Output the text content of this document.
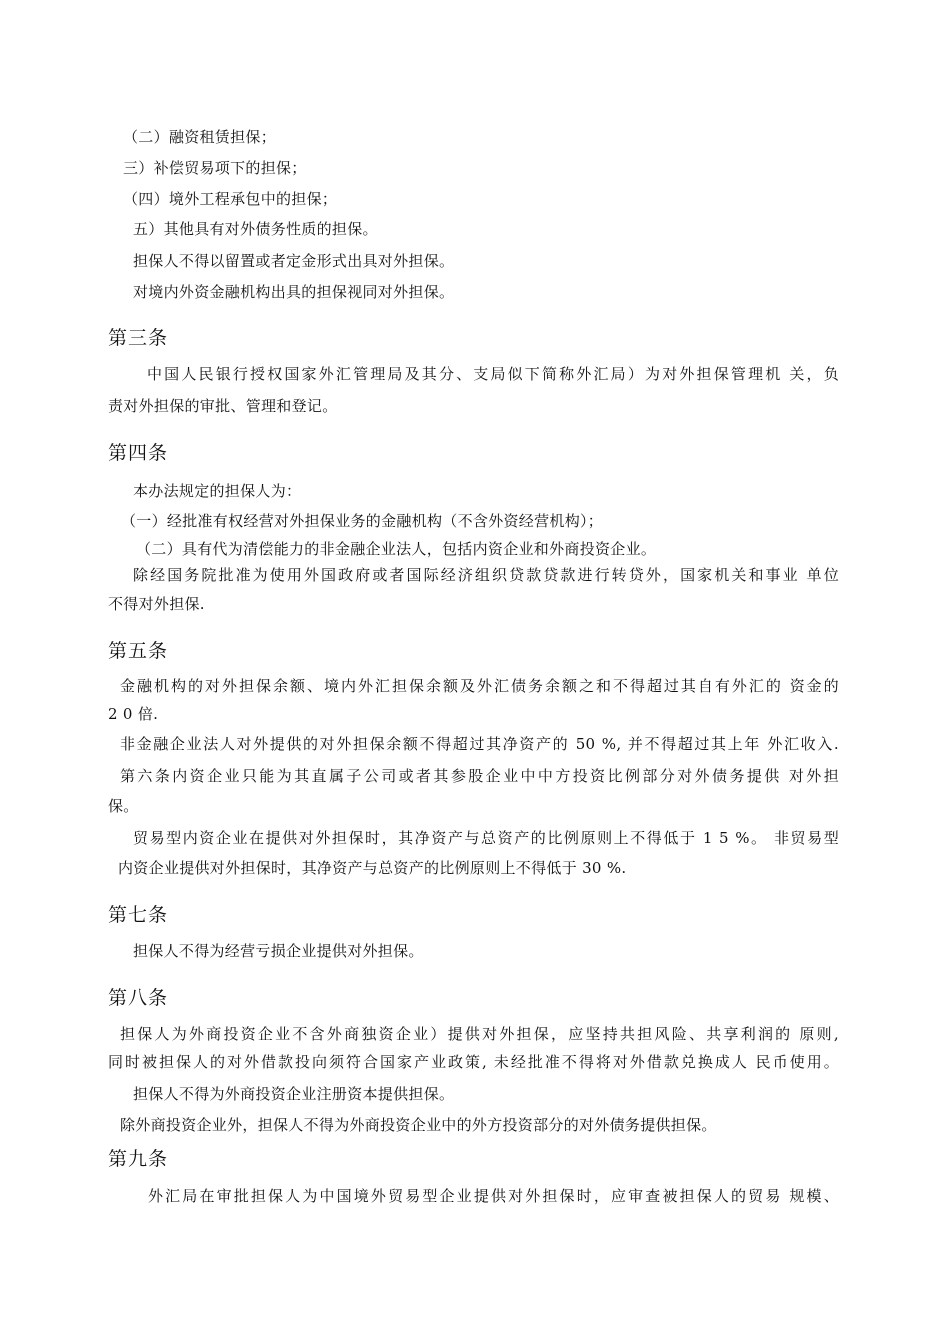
（二）融资租赁担保；
三）补偿贸易项下的担保；
（四）境外工程承包中的担保；
五）其他具有对外债务性质的担保。
担保人不得以留置或者定金形式出具对外担保。
对境内外资金融机构出具的担保视同对外担保。
第三条
中国人民银行授权国家外汇管理局及其分、支局似下简称外汇局）为对外担保管理机 关，负
责对外担保的审批、管理和登记。
第四条
本办法规定的担保人为：
（一）经批准有权经营对外担保业务的金融机构（不含外资经营机构）；
（二）具有代为清偿能力的非金融企业法人，包括内资企业和外商投资企业。
除经国务院批准为使用外国政府或者国际经济组织贷款贷款进行转贷外，国家机关和事业 单位
不得对外担保.
第五条
金融机构的对外担保余额、境内外汇担保余额及外汇债务余额之和不得超过其自有外汇的 资金的
2 0 倍.
非金融企业法人对外提供的对外担保余额不得超过其净资产的 50 %, 并不得超过其上年 外汇收入.
第六条内资企业只能为其直属子公司或者其参股企业中中方投资比例部分对外债务提供 对外担
保。
贸易型内资企业在提供对外担保时，其净资产与总资产的比例原则上不得低于 1 5 %。 非贸易型
内资企业提供对外担保时，其净资产与总资产的比例原则上不得低于 30 %.
第七条
担保人不得为经营亏损企业提供对外担保。
第八条
担保人为外商投资企业不含外商独资企业）提供对外担保，应坚持共担风险、共享利润的 原则,
同时被担保人的对外借款投向须符合国家产业政策, 未经批准不得将对外借款兑换成人 民币使用。
担保人不得为外商投资企业注册资本提供担保。
除外商投资企业外，担保人不得为外商投资企业中的外方投资部分的对外债务提供担保。
第九条
外汇局在审批担保人为中国境外贸易型企业提供对外担保时，应审查被担保人的贸易 规模、
